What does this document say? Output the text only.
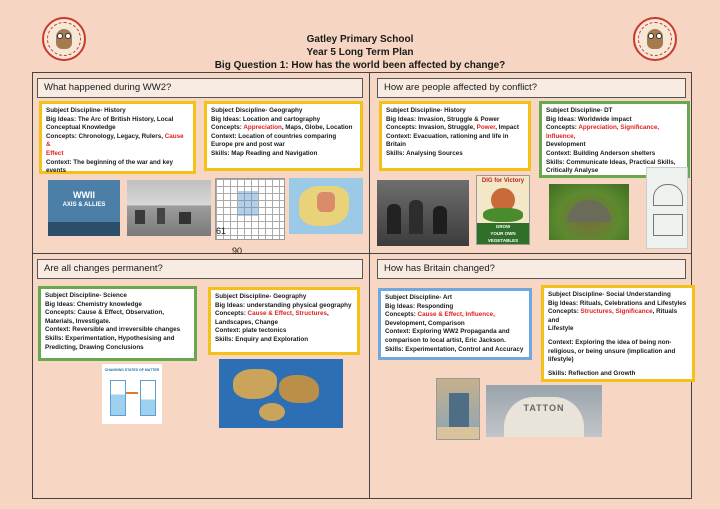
Gatley Primary School
Year 5 Long Term Plan
Big Question 1: How has the world been affected by change?
What happened during WW2?
Subject Discipline- History
Big Ideas: The Arc of British History, Local
Conceptual Knowledge
Concepts: Chronology, Legacy, Rulers, Cause &
Effect
Context: The beginning of the war and key
events
Subject Discipline- Geography
Big Ideas: Location and cartography
Concepts: Appreciation, Maps, Globe, Location
Context: Location of countries comparing
Europe pre and post war
Skills: Map Reading and Navigation
WWII
AXIS & ALLIES
61
90
How are people affected by conflict?
Subject Discipline- History
Big Ideas: Invasion, Struggle & Power
Concepts: Invasion, Struggle, Power, Impact
Context: Evacuation, rationing and life in Britain
Skills: Analysing Sources
Subject Discipline- DT
Big Ideas: Worldwide impact
Concepts: Appreciation, Significance, Influence,
Development
Context: Building Anderson shelters
Skills: Communicate Ideas, Practical Skills,
Critically Analyse
DIG for Victory
GROW
YOUR OWN
VEGETABLES
Are all changes permanent?
Subject Discipline- Science
Big Ideas: Chemistry knowledge
Concepts: Cause & Effect, Observation,
Materials, Investigate.
Context: Reversible and irreversible changes
Skills: Experimentation, Hypothesising and
Predicting, Drawing Conclusions
Subject Discipline- Geography
Big Ideas: understanding physical geography
Concepts: Cause & Effect, Structures,
Landscapes, Change
Context: plate tectonics
Skills: Enquiry and Exploration
CHANGING STATES OF MATTER
How has Britain changed?
Subject Discipline- Art
Big Ideas: Responding
Concepts: Cause & Effect, Influence,
Development, Comparison
Context: Exploring WW2 Propaganda and
comparison to local artist, Eric Jackson.
Skills: Experimentation, Control and Accuracy
Subject Discipline- Social Understanding
Big Ideas: Rituals, Celebrations and Lifestyles
Concepts: Structures, Significance, Rituals and
Lifestyle
Context: Exploring the idea of being non-
religious, or being unsure (implication and
lifestyle)
Skills: Reflection and Growth
TATTON
